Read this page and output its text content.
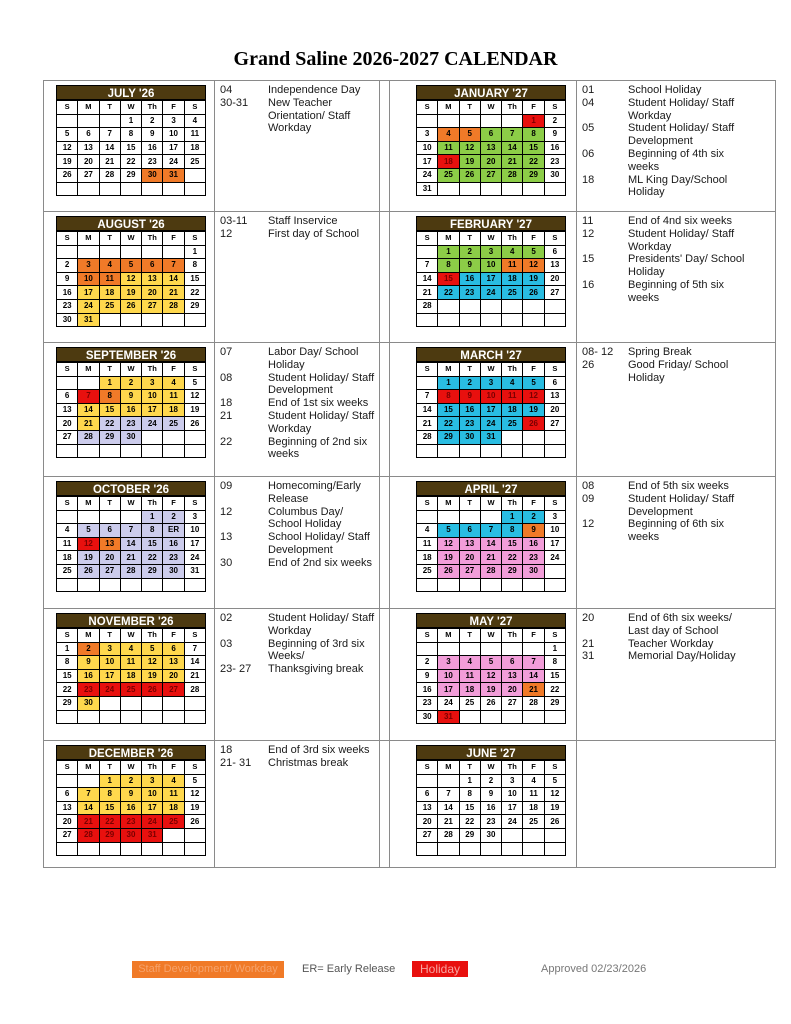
Grand Saline 2026-2027 CALENDAR
JULY '26
S	M	T	W	Th	F	S
			1	2	3	4
5	6	7	8	9	10	11
12	13	14	15	16	17	18
19	20	21	22	23	24	25
26	27	28	29	30	31	

04	Independence Day
30-31 New Teacher Orientation/ Staff Workday
JANUARY '27
S	M	T	W	Th	F	S
					1	2
3	4	5	6	7	8	9
10	11	12	13	14	15	16
17	18	19	20	21	22	23
24	25	26	27	28	29	30
31						
01	School Holiday
04	Student Holiday/ Staff Workday
05	Student Holiday/ Staff Development
06	Beginning of 4th six weeks
18	ML King Day/School Holiday
AUGUST '26
S	M	T	W	Th	F	S
						1
2	3	4	5	6	7	8
9	10	11	12	13	14	15
16	17	18	19	20	21	22
23	24	25	26	27	28	29
30	31					
03-11 Staff Inservice
12	First day of School
FEBRUARY '27
S	M	T	W	Th	F	S
	1	2	3	4	5	6
7	8	9	10	11	12	13
14	15	16	17	18	19	20
21	22	23	24	25	26	27
28						

11	End of 4nd six weeks
12	Student Holiday/ Staff Workday
15	Presidents' Day/ School Holiday
16	Beginning of 5th six weeks
SEPTEMBER '26
S	M	T	W	Th	F	S
		1	2	3	4	5
6	7	8	9	10	11	12
13	14	15	16	17	18	19
20	21	22	23	24	25	26
27	28	29	30			

07	Labor Day/ School Holiday
08	Student Holiday/ Staff Development
18	End of 1st six weeks
21	Student Holiday/ Staff Workday
22	Beginning of 2nd six weeks
MARCH '27
S	M	T	W	Th	F	S
	1	2	3	4	5	6
7	8	9	10	11	12	13
14	15	16	17	18	19	20
21	22	23	24	25	26	27
28	29	30	31			

08- 12 Spring Break
26	Good Friday/ School Holiday
OCTOBER '26
S	M	T	W	Th	F	S
				1	2	3
4	5	6	7	8	ER	10
11	12	13	14	15	16	17
18	19	20	21	22	23	24
25	26	27	28	29	30	31

09	Homecoming/Early Release
12	Columbus Day/ School Holiday
13	School Holiday/ Staff Development
30	End of 2nd six weeks
APRIL '27
S	M	T	W	Th	F	S
				1	2	3
4	5	6	7	8	9	10
11	12	13	14	15	16	17
18	19	20	21	22	23	24
25	26	27	28	29	30	

08	End of 5th six weeks
09	Student Holiday/ Staff Development
12	Beginning of 6th six weeks
NOVEMBER '26
S	M	T	W	Th	F	S
1	2	3	4	5	6	7
8	9	10	11	12	13	14
15	16	17	18	19	20	21
22	23	24	25	26	27	28
29	30					

02	Student Holiday/ Staff Workday
03	Beginning of 3rd six Weeks/
23- 27 Thanksgiving break
MAY '27
S	M	T	W	Th	F	S
						1
2	3	4	5	6	7	8
9	10	11	12	13	14	15
16	17	18	19	20	21	22
23	24	25	26	27	28	29
30	31					
20	End of 6th six weeks/ Last day of School
21	Teacher Workday
31	Memorial Day/Holiday
DECEMBER '26
S	M	T	W	Th	F	S
		1	2	3	4	5
6	7	8	9	10	11	12
13	14	15	16	17	18	19
20	21	22	23	24	25	26
27	28	29	30	31		

18	End of 3rd six weeks
21- 31 Christmas break
JUNE '27
S	M	T	W	Th	F	S
		1	2	3	4	5
6	7	8	9	10	11	12
13	14	15	16	17	18	19
20	21	22	23	24	25	26
27	28	29	30			

Staff Development/ Workday	ER= Early Release	Holiday	Approved 02/23/2026
